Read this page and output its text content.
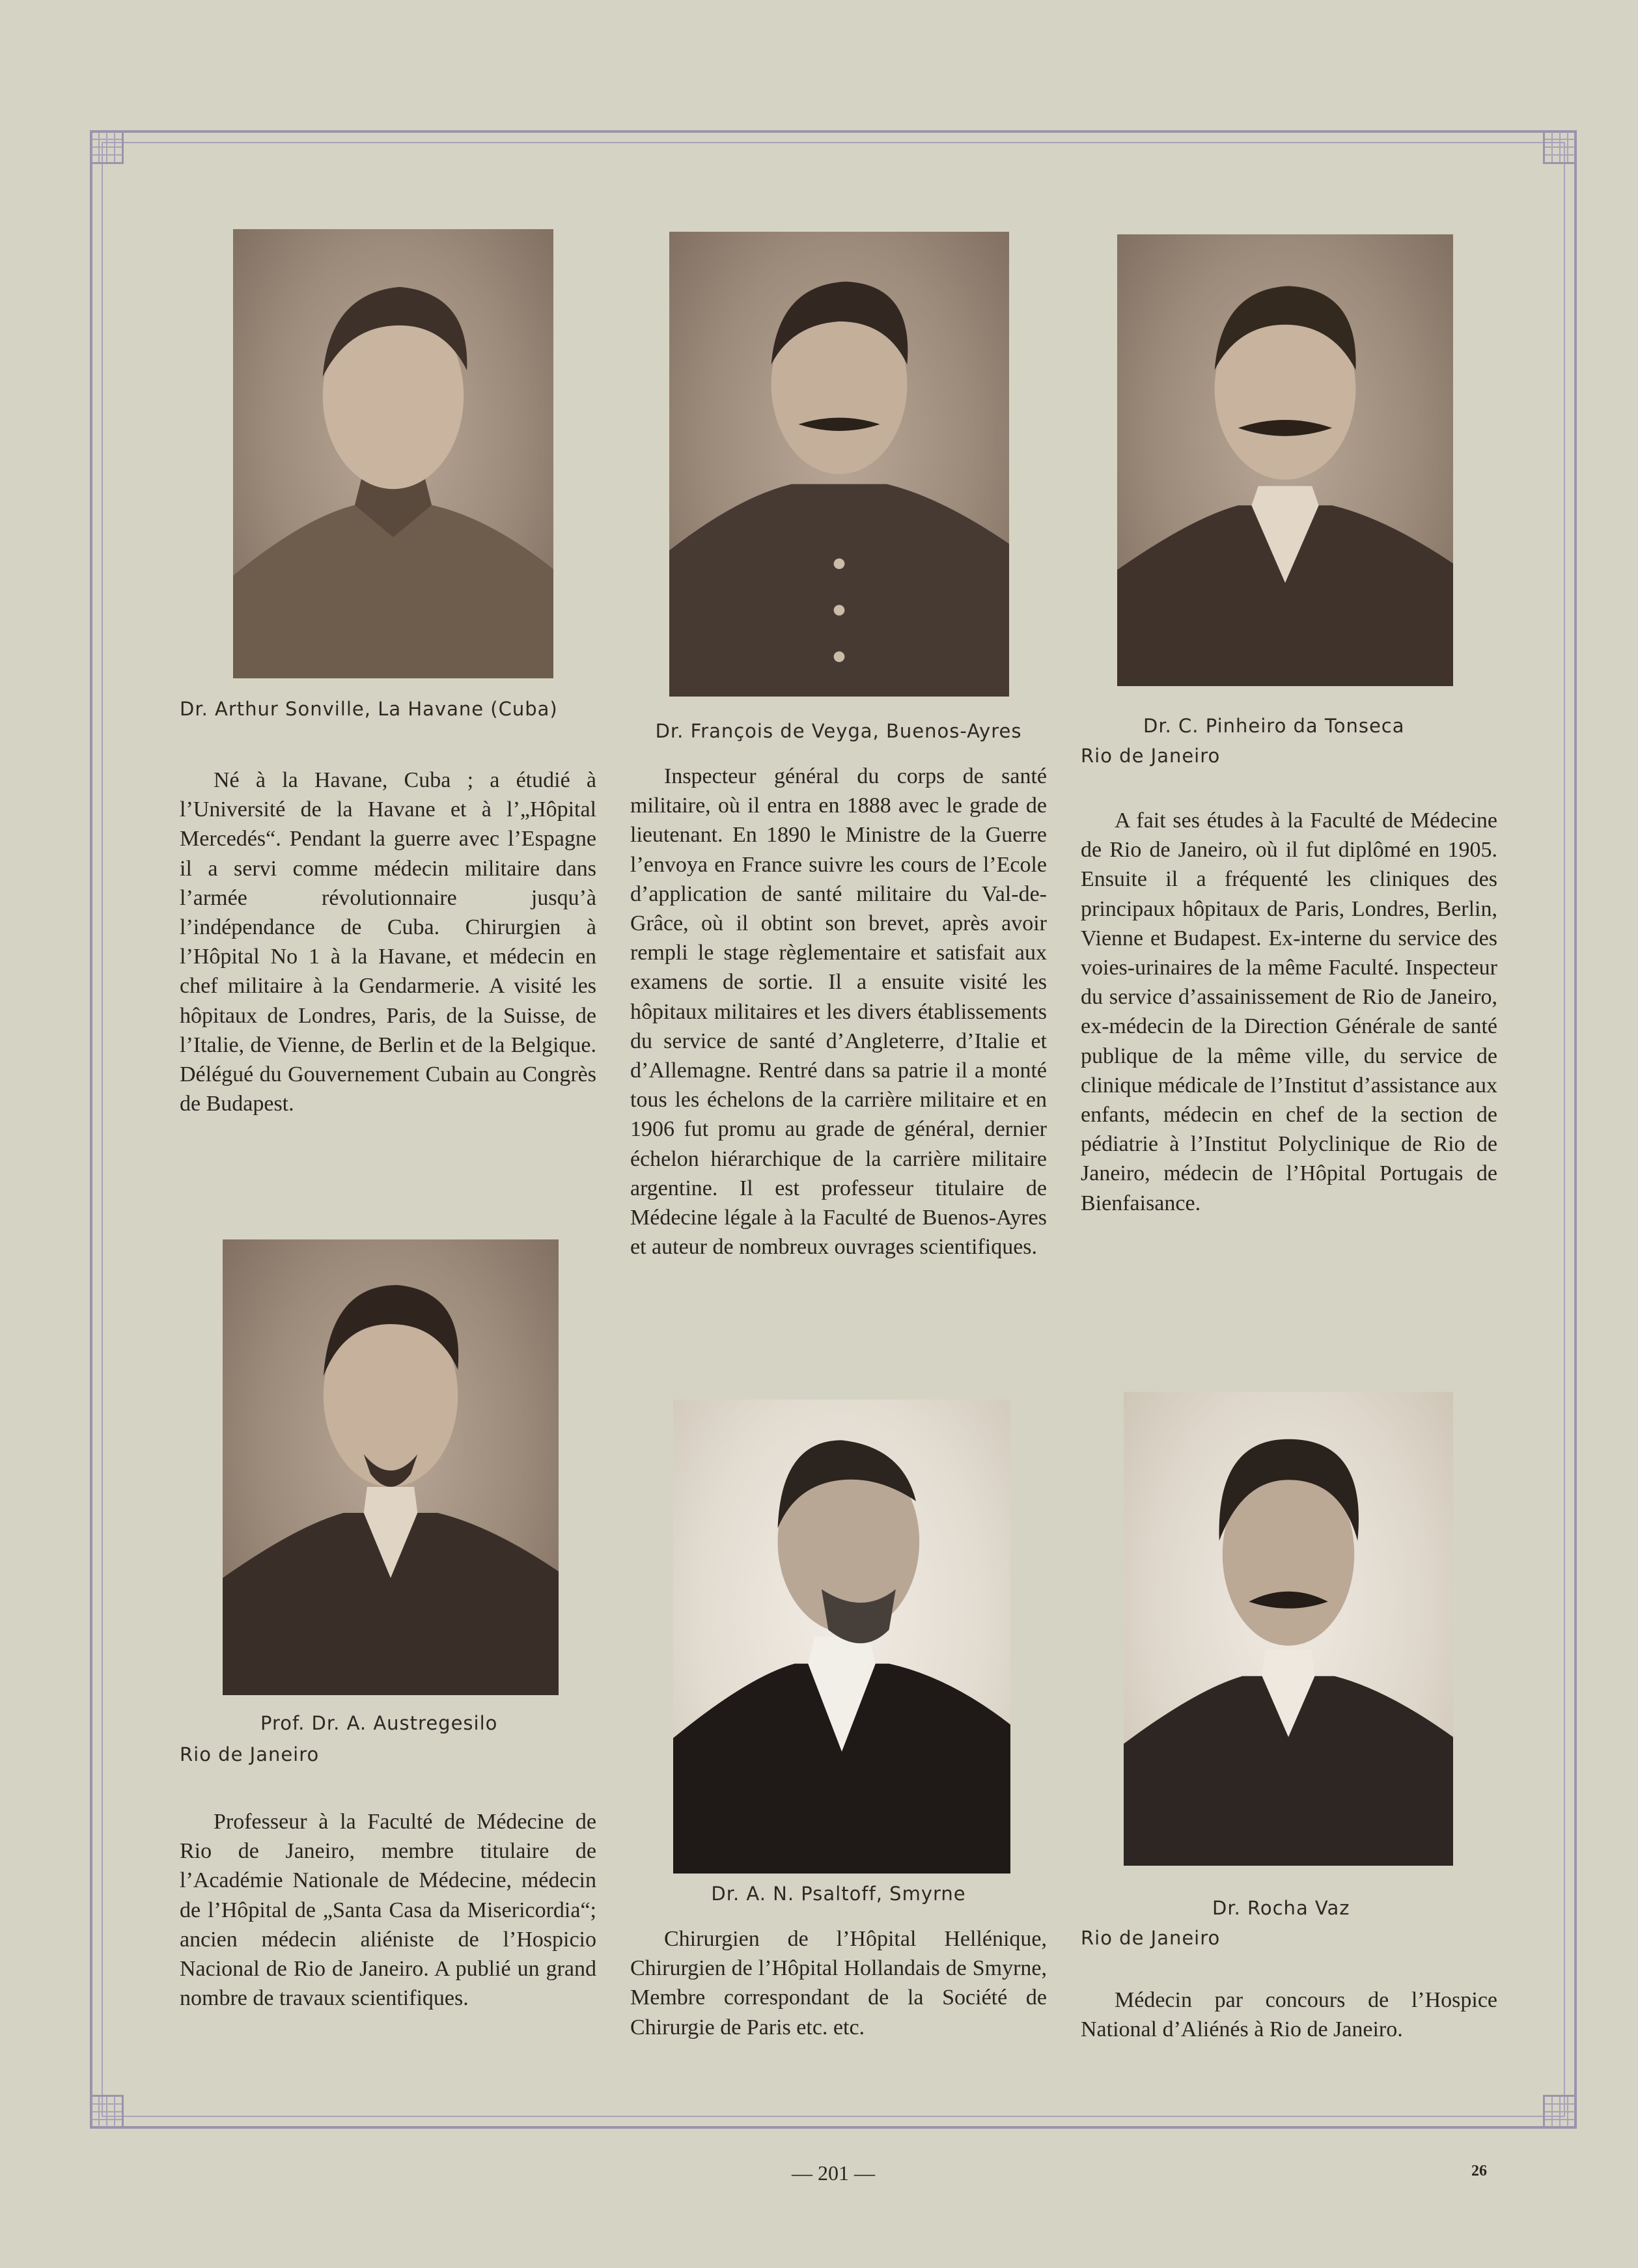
Dr. Arthur Sonville, La Havane (Cuba)

Né à la Havane, Cuba ; a étudié à l’Université de la Havane et à l’„Hôpital Mercedés“. Pendant la guerre avec l’Espagne il a servi comme médecin militaire dans l’armée révolutionnaire jusqu’à l’indépendance de Cuba. Chirurgien à l’Hôpital No 1 à la Havane, et médecin en chef militaire à la Gendarmerie. A visité les hôpitaux de Londres, Paris, de la Suisse, de l’Italie, de Vienne, de Berlin et de la Belgique. Délégué du Gouvernement Cubain au Congrès de Budapest.

Dr. François de Veyga, Buenos-Ayres

Inspecteur général du corps de santé militaire, où il entra en 1888 avec le grade de lieutenant. En 1890 le Ministre de la Guerre l’envoya en France suivre les cours de l’Ecole d’application de santé militaire du Val-de-Grâce, où il obtint son brevet, après avoir rempli le stage règlementaire et satisfait aux examens de sortie. Il a ensuite visité les hôpitaux militaires et les divers établissements du service de santé d’Angleterre, d’Italie et d’Allemagne. Rentré dans sa patrie il a monté tous les échelons de la carrière militaire et en 1906 fut promu au grade de général, dernier échelon hiérarchique de la carrière militaire argentine. Il est professeur titulaire de Médecine légale à la Faculté de Buenos-Ayres et auteur de nombreux ouvrages scientifiques.

Dr. C. Pinheiro da Tonseca
Rio de Janeiro

A fait ses études à la Faculté de Médecine de Rio de Janeiro, où il fut diplômé en 1905. Ensuite il a fréquenté les cliniques des principaux hôpitaux de Paris, Londres, Berlin, Vienne et Budapest. Ex-interne du service des voies-urinaires de la même Faculté. Inspecteur du service d’assainissement de Rio de Janeiro, ex-médecin de la Direction Générale de santé publique de la même ville, du service de clinique médicale de l’Institut d’assistance aux enfants, médecin en chef de la section de pédiatrie à l’Institut Polyclinique de Rio de Janeiro, médecin de l’Hôpital Portugais de Bienfaisance.

Prof. Dr. A. Austregesilo
Rio de Janeiro

Professeur à la Faculté de Médecine de Rio de Janeiro, membre titulaire de l’Académie Nationale de Médecine, médecin de l’Hôpital de „Santa Casa da Misericordia“; ancien médecin aliéniste de l’Hospicio Nacional de Rio de Janeiro. A publié un grand nombre de travaux scientifiques.

Dr. A. N. Psaltoff, Smyrne

Chirurgien de l’Hôpital Hellénique, Chirurgien de l’Hôpital Hollandais de Smyrne, Membre correspondant de la Société de Chirurgie de Paris etc. etc.

Dr. Rocha Vaz
Rio de Janeiro

Médecin par concours de l’Hospice National d’Aliénés à Rio de Janeiro.

— 201 —	26
